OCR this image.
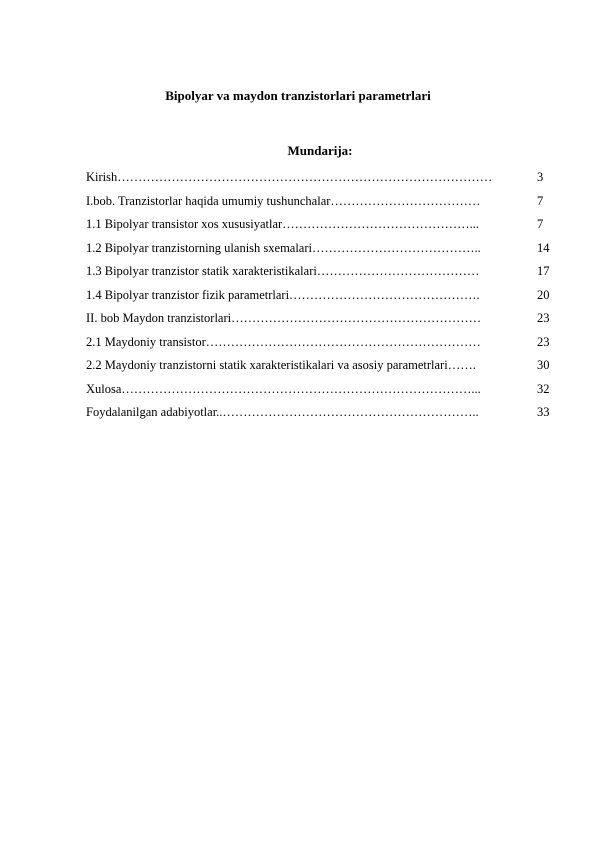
Bipolyar va maydon tranzistorlari parametrlari
Mundarija:
Kirish………………………………………………………………………………	3
I.bob. Tranzistorlar haqida umumiy tushunchalar………………………………	7
1.1 Bipolyar transistor xos xususiyatlar………………………………………...	7
1.2 Bipolyar tranzistorning ulanish sxemalari…………………………………..	14
1.3 Bipolyar tranzistor statik xarakteristikalari…………………………………	17
1.4 Bipolyar tranzistor fizik parametrlari……………………………………….	20
II. bob Maydon tranzistorlari……………………………………………………	23
2.1 Maydoniy transistor…………………………………………………………	23
2.2 Maydoniy tranzistorni statik xarakteristikalari va asosiy parametrlari…….	30
Xulosa…………………………………………………………………………...	32
Foydalanilgan adabiyotlar..……………………………………………………..	33
